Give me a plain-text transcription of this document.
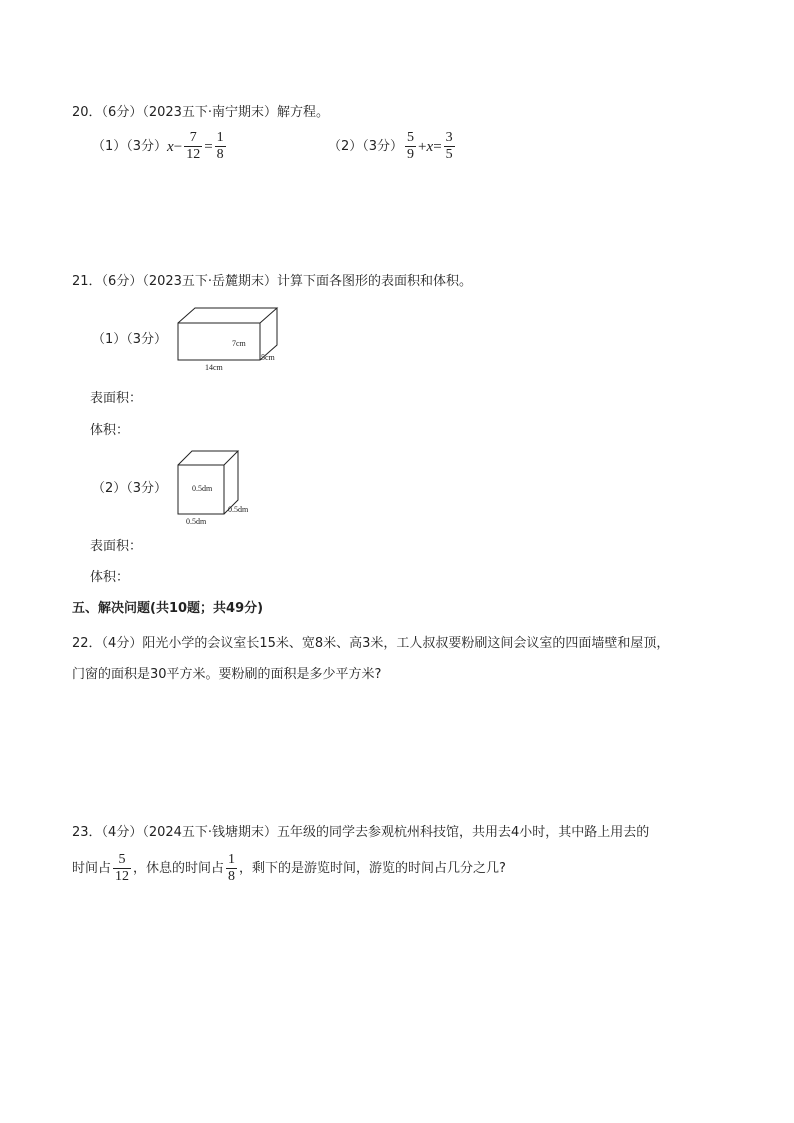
20．（6分）（2023五下·南宁期末）解方程。
（1）（3分） $x - \frac{7}{12} = \frac{1}{8}$	（2）（3分） $\frac{5}{9} + x = \frac{3}{5}$
21．（6分）（2023五下·岳麓期末）计算下面各图形的表面积和体积。
（1）（3分）	7cm
5cm
14cm
表面积：
体积：
（2）（3分）	0.5dm
0.5dm
0.5dm
表面积：
体积：
五、解决问题(共10题；共49分)
22．（4分）阳光小学的会议室长15米、宽8米、高3米，工人叔叔要粉刷这间会议室的四面墙壁和屋顶，
门窗的面积是30平方米。要粉刷的面积是多少平方米?
23．（4分）（2024五下·钱塘期末）五年级的同学去参观杭州科技馆，共用去4小时，其中路上用去的
时间占 $\frac{5}{12}$ ，休息的时间占 $\frac{1}{8}$ ，剩下的是游览时间，游览的时间占几分之几?
